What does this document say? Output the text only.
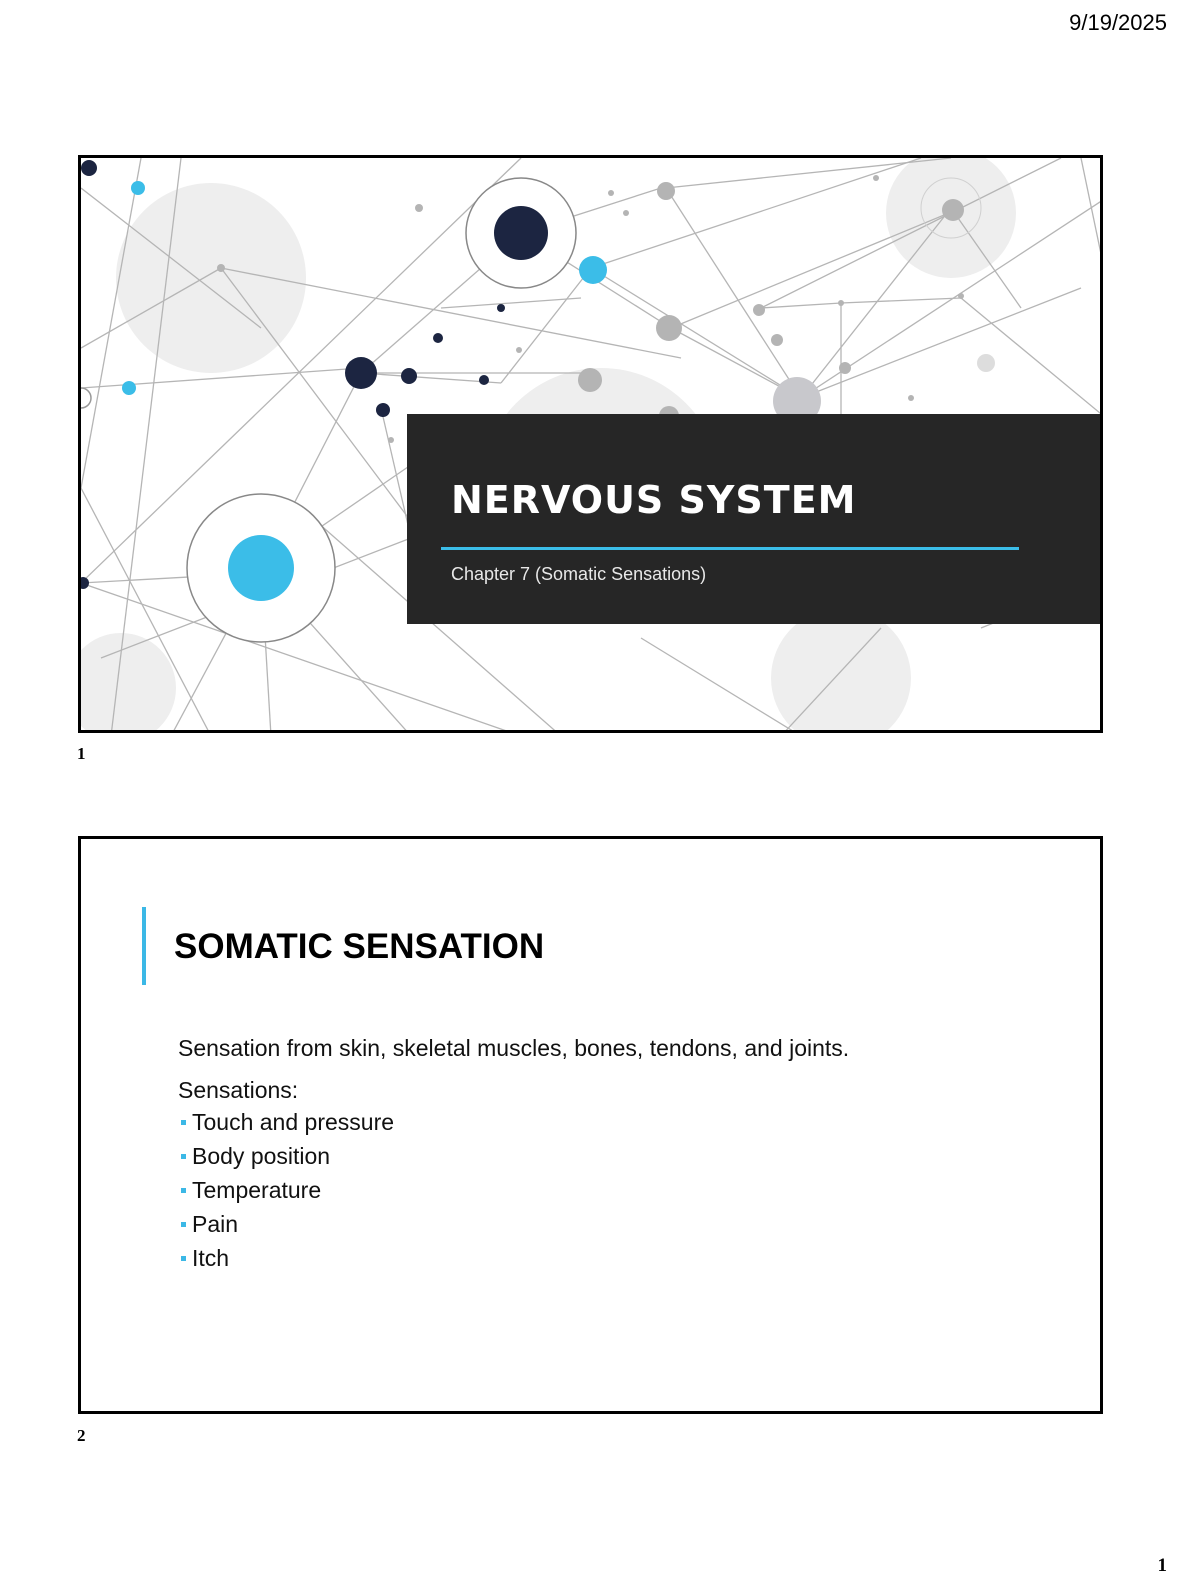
9/19/2025
NERVOUS SYSTEM
Chapter 7 (Somatic Sensations)
1
SOMATIC SENSATION

Sensation from skin, skeletal muscles, bones, tendons, and joints.

Sensations:
Touch and pressure
Body position
Temperature
Pain
Itch
2
1
